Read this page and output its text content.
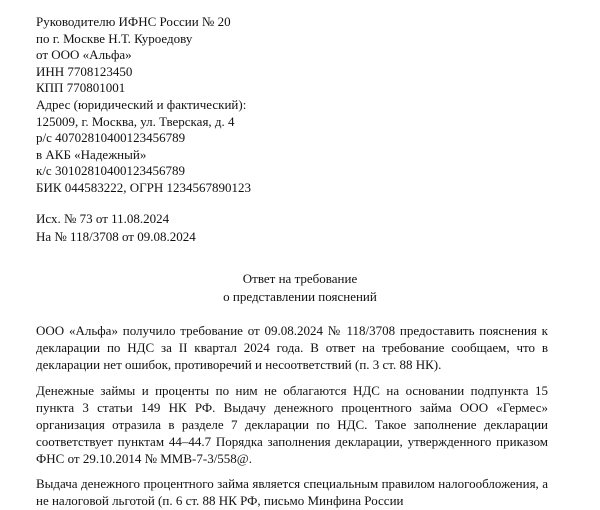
Руководителю ИФНС России № 20
по г. Москве Н.Т. Куроедову
от ООО «Альфа»
ИНН 7708123450
КПП 770801001
Адрес (юридический и фактический):
125009, г. Москва, ул. Тверская, д. 4
р/с 40702810400123456789
в АКБ «Надежный»
к/с 30102810400123456789
БИК 044583222, ОГРН 1234567890123
Исх. № 73 от 11.08.2024
На № 118/3708 от 09.08.2024
Ответ на требование
о представлении пояснений
ООО «Альфа» получило требование от 09.08.2024 № 118/3708 предоставить пояснения к декларации по НДС за II квартал 2024 года. В ответ на требование сообщаем, что в декларации нет ошибок, противоречий и несоответствий (п. 3 ст. 88 НК).
Денежные займы и проценты по ним не облагаются НДС на основании подпункта 15 пункта 3 статьи 149 НК РФ. Выдачу денежного процентного займа ООО «Гермес» организация отразила в разделе 7 декларации по НДС. Такое заполнение декларации соответствует пунктам 44–44.7 Порядка заполнения декларации, утвержденного приказом ФНС от 29.10.2014 № ММВ-7-3/558@.
Выдача денежного процентного займа является специальным правилом налогообложения, а не налоговой льготой (п. 6 ст. 88 НК РФ, письмо Минфина России
